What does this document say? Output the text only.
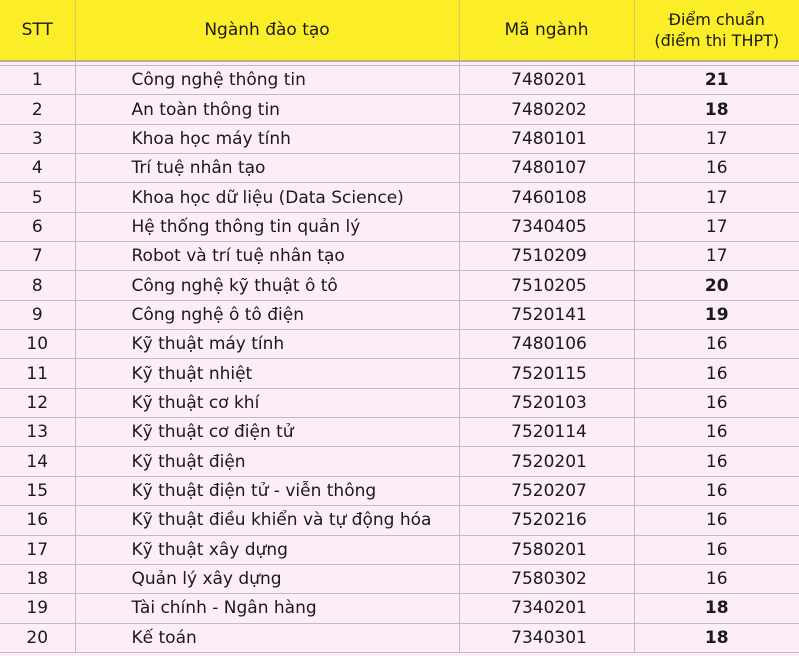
STT	Ngành đào tạo	Mã ngành	Điểm chuẩn
(điểm thi THPT)

1	Công nghệ thông tin	7480201	21
2	An toàn thông tin	7480202	18
3	Khoa học máy tính	7480101	17
4	Trí tuệ nhân tạo	7480107	16
5	Khoa học dữ liệu (Data Science)	7460108	17
6	Hệ thống thông tin quản lý	7340405	17
7	Robot và trí tuệ nhân tạo	7510209	17
8	Công nghệ kỹ thuật ô tô	7510205	20
9	Công nghệ ô tô điện	7520141	19
10	Kỹ thuật máy tính	7480106	16
11	Kỹ thuật nhiệt	7520115	16
12	Kỹ thuật cơ khí	7520103	16
13	Kỹ thuật cơ điện tử	7520114	16
14	Kỹ thuật điện	7520201	16
15	Kỹ thuật điện tử - viễn thông	7520207	16
16	Kỹ thuật điều khiển và tự động hóa	7520216	16
17	Kỹ thuật xây dựng	7580201	16
18	Quản lý xây dựng	7580302	16
19	Tài chính - Ngân hàng	7340201	18
20	Kế toán	7340301	18
